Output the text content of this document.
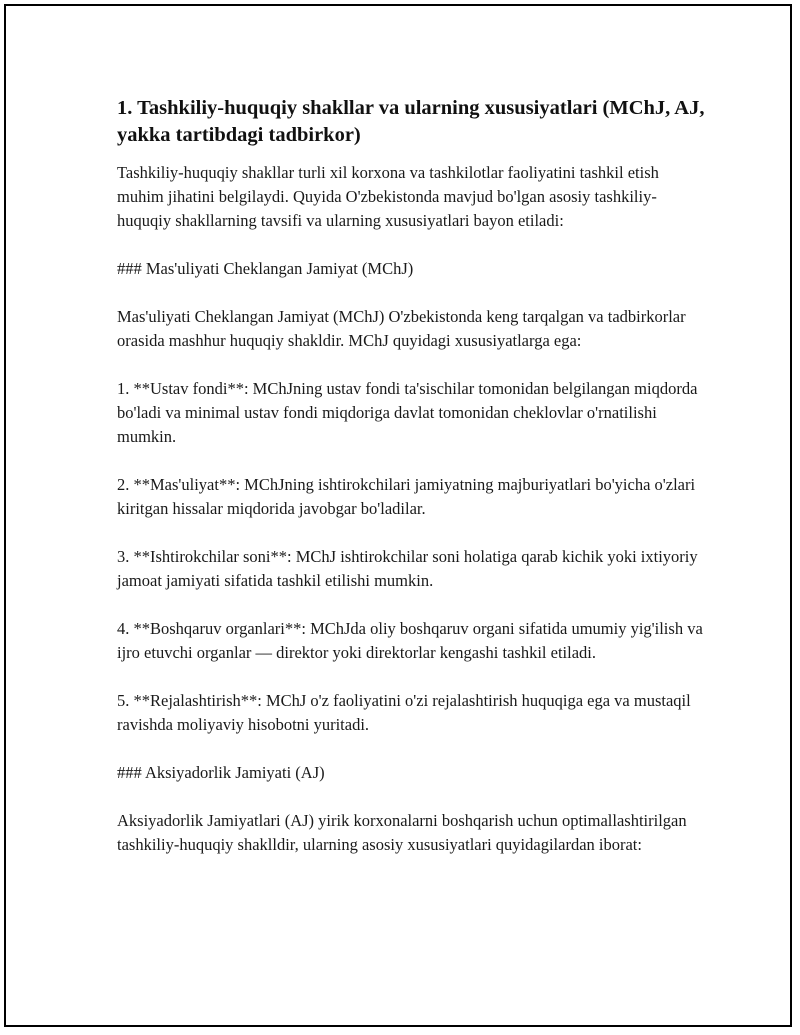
1. Tashkiliy-huquqiy shakllar va ularning xususiyatlari (MChJ, AJ, yakka tartibdagi tadbirkor)

Tashkiliy-huquqiy shakllar turli xil korxona va tashkilotlar faoliyatini tashkil etish muhim jihatini belgilaydi. Quyida O'zbekistonda mavjud bo'lgan asosiy tashkiliy-huquqiy shakllarning tavsifi va ularning xususiyatlari bayon etiladi:

### Mas'uliyati Cheklangan Jamiyat (MChJ)

Mas'uliyati Cheklangan Jamiyat (MChJ) O'zbekistonda keng tarqalgan va tadbirkorlar orasida mashhur huquqiy shakldir. MChJ quyidagi xususiyatlarga ega:

1. **Ustav fondi**: MChJning ustav fondi ta'sischilar tomonidan belgilangan miqdorda bo'ladi va minimal ustav fondi miqdoriga davlat tomonidan cheklovlar o'rnatilishi mumkin.

2. **Mas'uliyat**: MChJning ishtirokchilari jamiyatning majburiyatlari bo'yicha o'zlari kiritgan hissalar miqdorida javobgar bo'ladilar.

3. **Ishtirokchilar soni**: MChJ ishtirokchilar soni holatiga qarab kichik yoki ixtiyoriy jamoat jamiyati sifatida tashkil etilishi mumkin.

4. **Boshqaruv organlari**: MChJda oliy boshqaruv organi sifatida umumiy yig'ilish va ijro etuvchi organlar — direktor yoki direktorlar kengashi tashkil etiladi.

5. **Rejalashtirish**: MChJ o'z faoliyatini o'zi rejalashtirish huquqiga ega va mustaqil ravishda moliyaviy hisobotni yuritadi.

### Aksiyadorlik Jamiyati (AJ)

Aksiyadorlik Jamiyatlari (AJ) yirik korxonalarni boshqarish uchun optimallashtirilgan tashkiliy-huquqiy shaklldir, ularning asosiy xususiyatlari quyidagilardan iborat:
